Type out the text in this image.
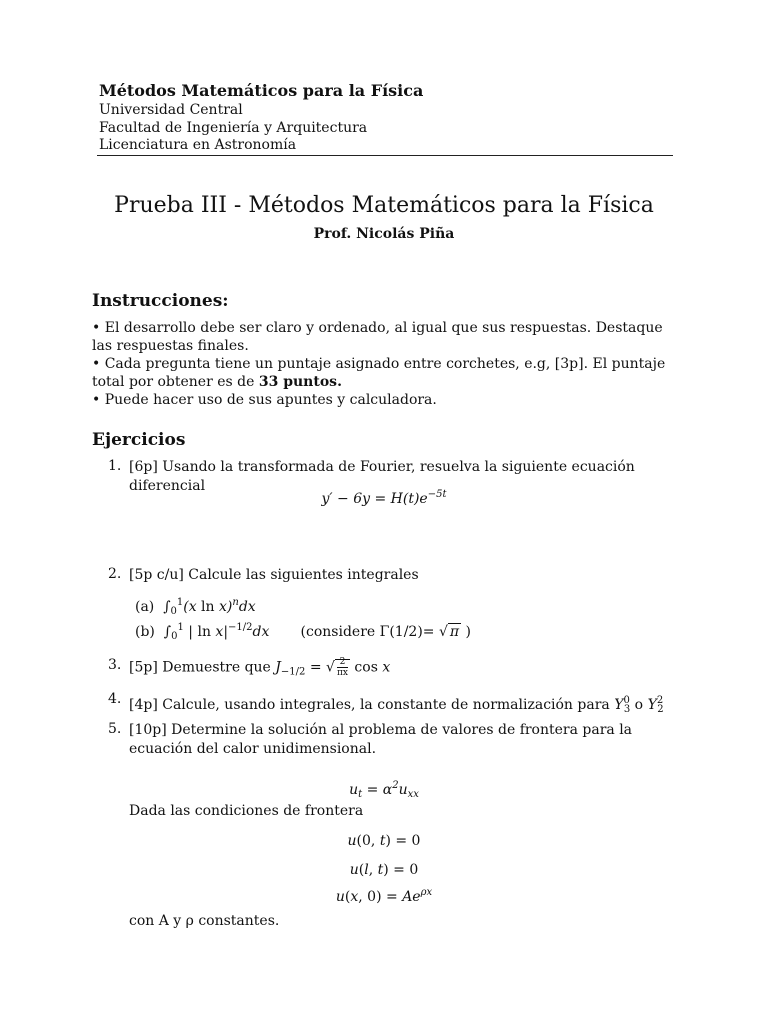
Métodos Matemáticos para la Física
Universidad Central
Facultad de Ingeniería y Arquitectura
Licenciatura en Astronomía
Prueba III - Métodos Matemáticos para la Física
Prof. Nicolás Piña
Instrucciones:
• El desarrollo debe ser claro y ordenado, al igual que sus respuestas. Destaque las respuestas finales.
• Cada pregunta tiene un puntaje asignado entre corchetes, e.g, [3p]. El puntaje total por obtener es de 33 puntos.
• Puede hacer uso de sus apuntes y calculadora.
Ejercicios
1. [6p] Usando la transformada de Fourier, resuelva la siguiente ecuación diferencial
$y' - 6y = H(t)e^{-5t}$
2. [5p c/u] Calcule las siguientes integrales
(a) $\int_0^1(x$ ln x)$^n$dx
(b) $\int_0^1$ | $\ln x|^{-1/2}dx$ (considere Γ(1/2)= √ π )
3. [5p] Demuestre que $J_{-1/2}$ = √ $\frac{2}{\pi x}$ cos x
4. [4p] Calcule, usando integrales, la constante de normalización para $Y^0_3$ o $Y^2_2$
5. [10p] Determine la solución al problema de valores de frontera para la ecuación del calor unidimensional.
$u_t = \alpha^2u_{xx}$
Dada las condiciones de frontera
u(0, t) = 0
u(l, t) = 0
u(x, $0) = Ae^{\rho x}$
con A y ρ constantes.
